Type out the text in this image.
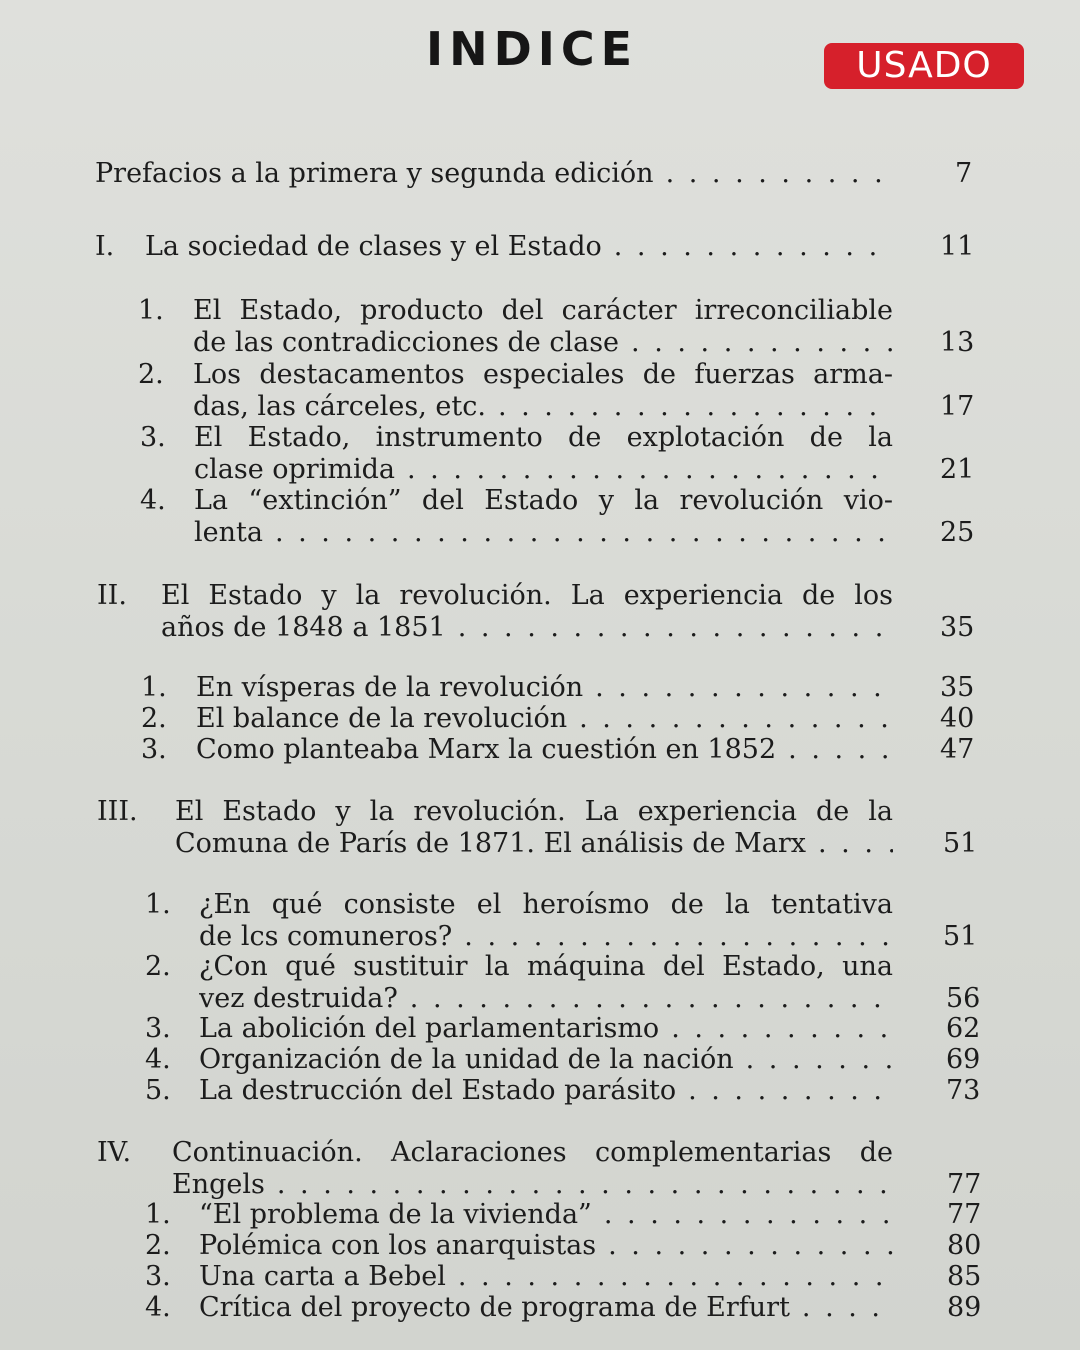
INDICE	USADO
Prefacios a la primera y segunda edición . . .	7
I. La sociedad de clases y el Estado . . .	11
1. El Estado, producto del carácter irreconciliable
de las contradicciones de clase . . .	13
2. Los destacamentos especiales de fuerzas arma-
das, las cárceles, etc. . . .	17
3. El Estado, instrumento de explotación de la
clase oprimida . . .	21
4. La “extinción” del Estado y la revolución vio-
lenta . . .	25
II. El Estado y la revolución. La experiencia de los
años de 1848 a 1851 . . .	35
1. En vísperas de la revolución . . .	35
2. El balance de la revolución . . .	40
3. Como planteaba Marx la cuestión en 1852 . . .	47
III. El Estado y la revolución. La experiencia de la
Comuna de París de 1871. El análisis de Marx . . .	51
1. ¿En qué consiste el heroísmo de la tentativa
de lcs comuneros? . . .	51
2. ¿Con qué sustituir la máquina del Estado, una
vez destruida? . . .	56
3. La abolición del parlamentarismo . . .	62
4. Organización de la unidad de la nación . . .	69
5. La destrucción del Estado parásito . . .	73
IV. Continuación. Aclaraciones complementarias de
Engels . . .	77
1. “El problema de la vivienda” . . .	77
2. Polémica con los anarquistas . . .	80
3. Una carta a Bebel . . .	85
4. Crítica del proyecto de programa de Erfurt . . .	89
